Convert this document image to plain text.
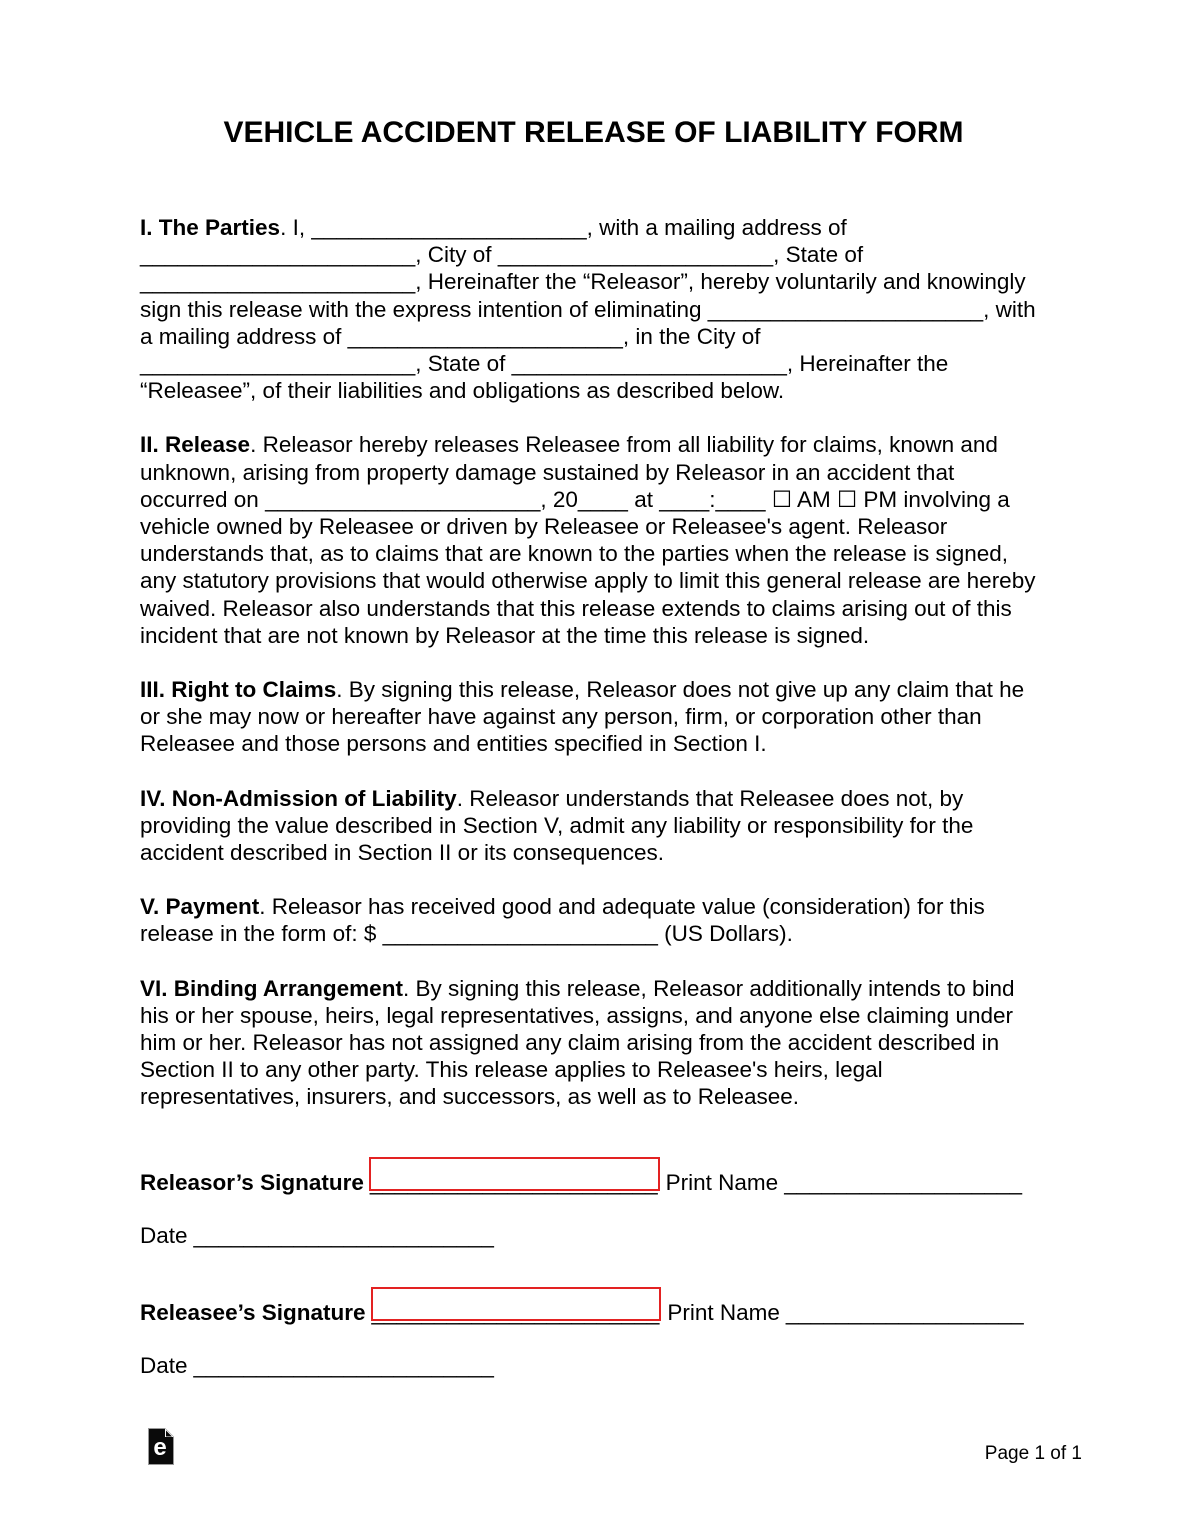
VEHICLE ACCIDENT RELEASE OF LIABILITY FORM

I. The Parties. I, ______________________, with a mailing address of ______________________, City of ______________________, State of ______________________, Hereinafter the “Releasor”, hereby voluntarily and knowingly sign this release with the express intention of eliminating ______________________, with a mailing address of ______________________, in the City of ______________________, State of ______________________, Hereinafter the “Releasee”, of their liabilities and obligations as described below.

II. Release. Releasor hereby releases Releasee from all liability for claims, known and unknown, arising from property damage sustained by Releasor in an accident that occurred on ______________________, 20____ at ____:____ ☐ AM ☐ PM involving a vehicle owned by Releasee or driven by Releasee or Releasee's agent. Releasor understands that, as to claims that are known to the parties when the release is signed, any statutory provisions that would otherwise apply to limit this general release are hereby waived. Releasor also understands that this release extends to claims arising out of this incident that are not known by Releasor at the time this release is signed.

III. Right to Claims. By signing this release, Releasor does not give up any claim that he or she may now or hereafter have against any person, firm, or corporation other than Releasee and those persons and entities specified in Section I.

IV. Non-Admission of Liability. Releasor understands that Releasee does not, by providing the value described in Section V, admit any liability or responsibility for the accident described in Section II or its consequences.

V. Payment. Releasor has received good and adequate value (consideration) for this release in the form of: $ ______________________ (US Dollars).

VI. Binding Arrangement. By signing this release, Releasor additionally intends to bind his or her spouse, heirs, legal representatives, assigns, and anyone else claiming under him or her. Releasor has not assigned any claim arising from the accident described in Section II to any other party. This release applies to Releasee's heirs, legal representatives, insurers, and successors, as well as to Releasee.

Releasor’s Signature _______________________ Print Name ___________________
Date ________________________
Releasee’s Signature _______________________ Print Name ___________________
Date ________________________
e	Page 1 of 1
